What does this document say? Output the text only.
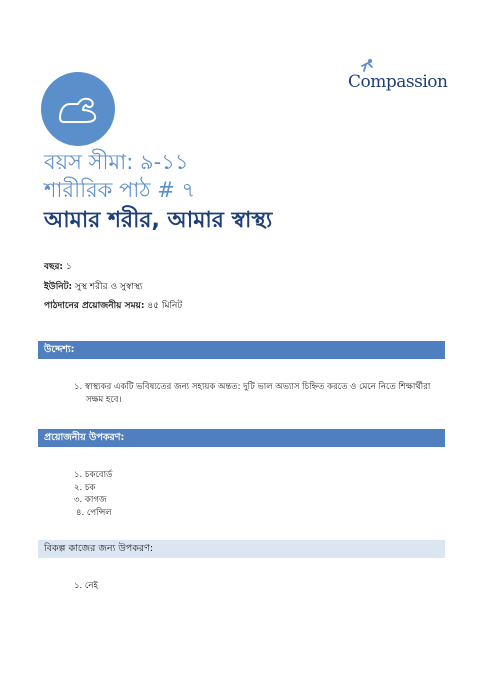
Compassion
বয়স সীমা: ৯-১১
শারীরিক পাঠ # ৭
আমার শরীর, আমার স্বাস্থ্য
বছর: ১
ইউনিট: সুস্থ শরীর ও সুস্বাস্থ্য
পাঠদানের প্রয়োজনীয় সময়: ৪৫ মিনিট
উদ্দেশ্য:
১. স্বাস্থ্যকর একটি ভবিষ্যতের জন্য সহায়ক অন্তত: দুটি ভাল অভ্যাস চিহ্নিত করতে ও মেনে নিতে শিক্ষার্থীরা
সক্ষম হবে।
প্রয়োজনীয় উপকরণ:
১. চকবোর্ড
২. চক
৩. কাগজ
৪. পেন্সিল
বিকল্প কাজের জন্য উপকরণ:
১. নেই
